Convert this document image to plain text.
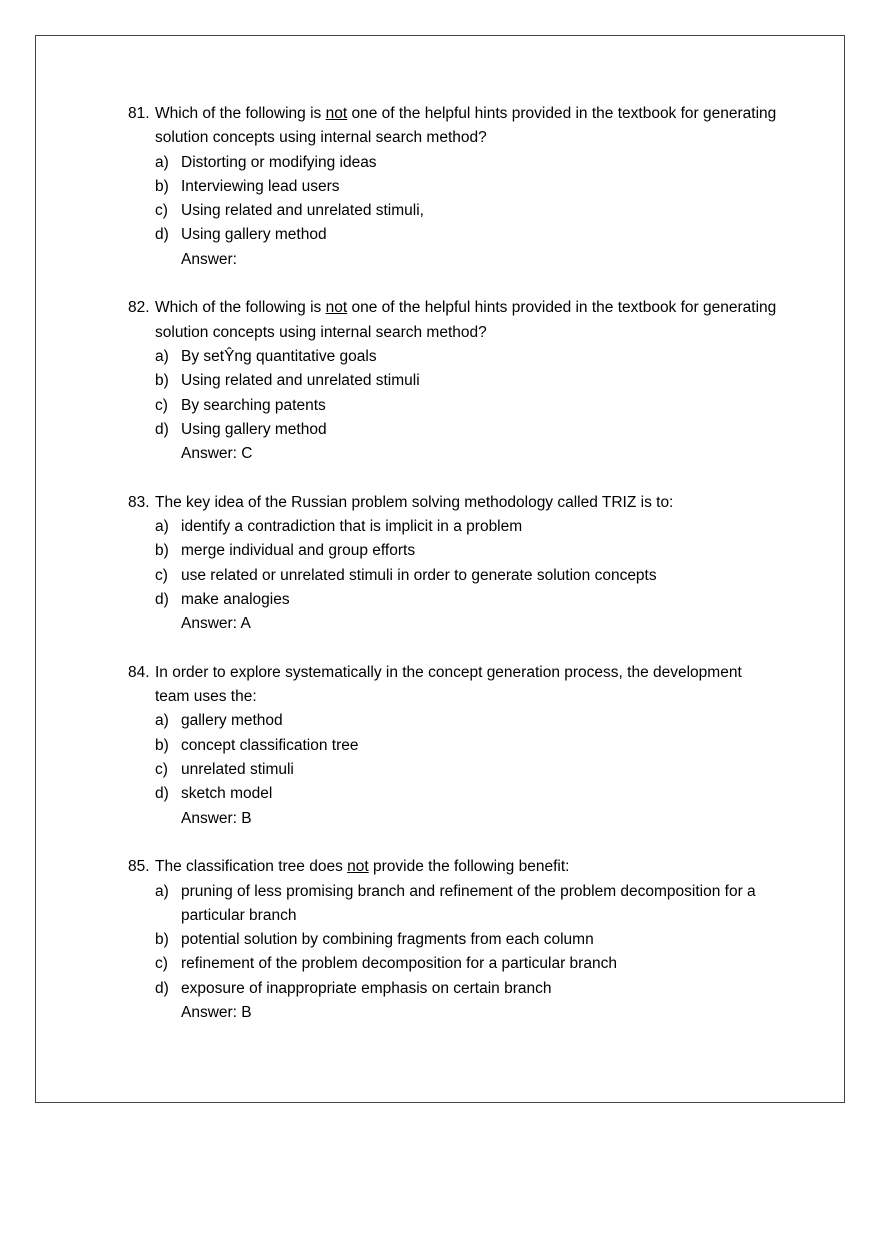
81. Which of the following is not one of the helpful hints provided in the textbook for generating solution concepts using internal search method?
a) Distorting or modifying ideas
b) Interviewing lead users
c) Using related and unrelated stimuli,
d) Using gallery method
Answer:
82. Which of the following is not one of the helpful hints provided in the textbook for generating solution concepts using internal search method?
a) By setŶng quantitative goals
b) Using related and unrelated stimuli
c) By searching patents
d) Using gallery method
Answer: C
83. The key idea of the Russian problem solving methodology called TRIZ is to:
a) identify a contradiction that is implicit in a problem
b) merge individual and group efforts
c) use related or unrelated stimuli in order to generate solution concepts
d) make analogies
Answer: A
84. In order to explore systematically in the concept generation process, the development team uses the:
a) gallery method
b) concept classification tree
c) unrelated stimuli
d) sketch model
Answer: B
85. The classification tree does not provide the following benefit:
a) pruning of less promising branch and refinement of the problem decomposition for a particular branch
b) potential solution by combining fragments from each column
c) refinement of the problem decomposition for a particular branch
d) exposure of inappropriate emphasis on certain branch
Answer: B
